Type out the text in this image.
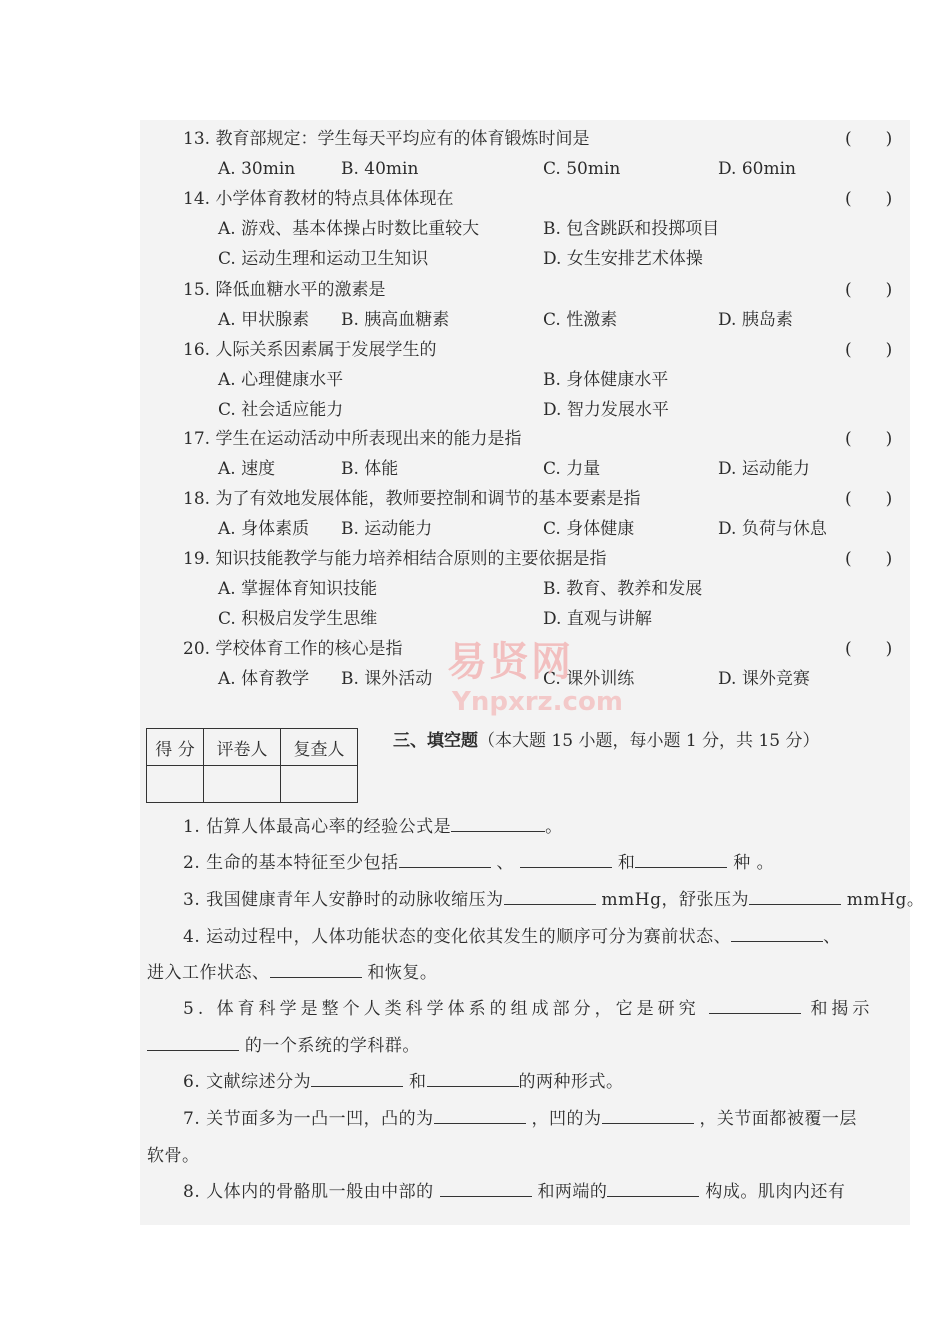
13. 教育部规定：学生每天平均应有的体育锻炼时间是	(　　)
A. 30min	B. 40min	C. 50min	D. 60min
14. 小学体育教材的特点具体体现在	(　　)
A. 游戏、基本体操占时数比重较大	B. 包含跳跃和投掷项目
C. 运动生理和运动卫生知识	D. 女生安排艺术体操
15. 降低血糖水平的激素是	(　　)
A. 甲状腺素 B. 胰高血糖素	C. 性激素	D. 胰岛素
16. 人际关系因素属于发展学生的	(　　)
A. 心理健康水平	B. 身体健康水平
C. 社会适应能力	D. 智力发展水平
17. 学生在运动活动中所表现出来的能力是指	(　　)
A. 速度	B. 体能	C. 力量	D. 运动能力
18. 为了有效地发展体能，教师要控制和调节的基本要素是指	(　　)
A. 身体素质 B. 运动能力	C. 身体健康	D. 负荷与休息
19. 知识技能教学与能力培养相结合原则的主要依据是指	(　　)
A. 掌握体育知识技能	B. 教育、教养和发展
C. 积极启发学生思维	D. 直观与讲解
20. 学校体育工作的核心是指	(　　)
A. 体育教学 B. 课外活动	C. 课外训练	D. 课外竞赛
易贤网
Ynpxrz.com
得 分	评卷人	复查人
			三、填空题（本大题 15 小题，每小题 1 分，共 15 分）
1. 估算人体最高心率的经验公式是	。
2. 生命的基本特征至少包括	、	和	种 。
3. 我国健康青年人安静时的动脉收缩压为	mmHg，舒张压为	mmHg。
4. 运动过程中，人体功能状态的变化依其发生的顺序可分为赛前状态、	、
进入工作状态、	和恢复。
5. 体育科学是整个人类科学体系的组成部分，它是研究	和揭示
的一个系统的学科群。
6. 文献综述分为	和	的两种形式。
7. 关节面多为一凸一凹，凸的为	，凹的为	，关节面都被覆一层
软骨。
8. 人体内的骨骼肌一般由中部的	和两端的	构成。肌肉内还有
